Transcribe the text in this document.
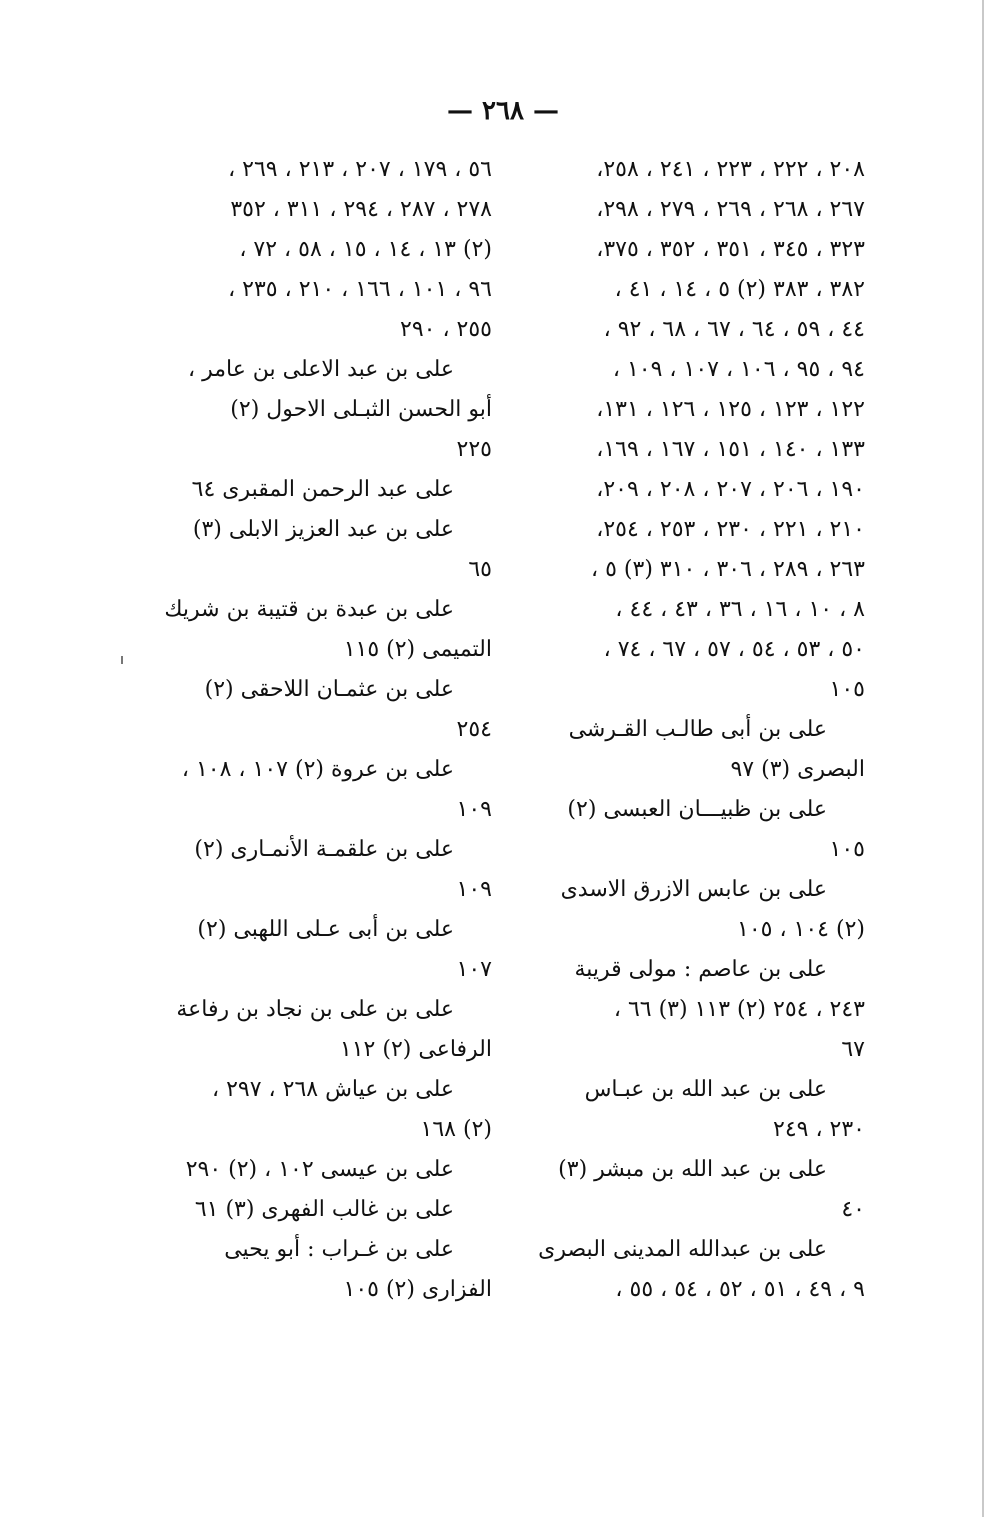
— ٢٦٨ —
٢٠٨ ، ٢٢٢ ، ٢٢٣ ، ٢٤١ ، ٢٥٨،
٢٦٧ ، ٢٦٨ ، ٢٦٩ ، ٢٧٩ ، ٢٩٨،
٣٢٣ ، ٣٤٥ ، ٣٥١ ، ٣٥٢ ، ٣٧٥،
٣٨٢ ، ٣٨٣ (٢) ٥ ، ١٤ ، ٤١ ،
٤٤ ، ٥٩ ، ٦٤ ، ٦٧ ، ٦٨ ، ٩٢ ،
٩٤ ، ٩٥ ، ١٠٦ ، ١٠٧ ، ١٠٩ ،
١٢٢ ، ١٢٣ ، ١٢٥ ، ١٢٦ ، ١٣١،
١٣٣ ، ١٤٠ ، ١٥١ ، ١٦٧ ، ١٦٩،
١٩٠ ، ٢٠٦ ، ٢٠٧ ، ٢٠٨ ، ٢٠٩،
٢١٠ ، ٢٢١ ، ٢٣٠ ، ٢٥٣ ، ٢٥٤،
٢٦٣ ، ٢٨٩ ، ٣٠٦ ، ٣١٠ (٣) ٥ ،
٨ ، ١٠ ، ١٦ ، ٣٦ ، ٤٣ ، ٤٤ ،
٥٠ ، ٥٣ ، ٥٤ ، ٥٧ ، ٦٧ ، ٧٤ ،
١٠٥
على بن أبى طالـب القـرشى
البصرى (٣) ٩٧
على بن ظبيـــان العبسى (٢)
١٠٥
على بن عابس الازرق الاسدى
(٢) ١٠٤ ، ١٠٥
على بن عاصم : مولى قريبة
٢٤٣ ، ٢٥٤ (٢) ١١٣ (٣) ٦٦ ،
٦٧
على بن عبد الله بن عبـاس
٢٣٠ ، ٢٤٩
على بن عبد الله بن مبشر (٣)
٤٠
على بن عبدالله المدينى البصرى
٩ ، ٤٩ ، ٥١ ، ٥٢ ، ٥٤ ، ٥٥ ،
٥٦ ، ١٧٩ ، ٢٠٧ ، ٢١٣ ، ٢٦٩ ،
٢٧٨ ، ٢٨٧ ، ٢٩٤ ، ٣١١ ، ٣٥٢
(٢) ١٣ ، ١٤ ، ١٥ ، ٥٨ ، ٧٢ ،
٩٦ ، ١٠١ ، ١٦٦ ، ٢١٠ ، ٢٣٥ ،
٢٥٥ ، ٢٩٠
على بن عبد الاعلى بن عامر ،
أبو الحسن الثبـلى الاحول (٢)
٢٢٥
على عبد الرحمن المقبرى ٦٤
على بن عبد العزيز الابلى (٣)
٦٥
على بن عبدة بن قتيبة بن شريك
التميمى (٢) ١١٥
على بن عثمـان اللاحقى (٢)
٢٥٤
على بن عروة (٢) ١٠٧ ، ١٠٨ ،
١٠٩
على بن علقمـة الأنمـارى (٢)
١٠٩
على بن أبى عـلى اللهبى (٢)
١٠٧
على بن على بن نجاد بن رفاعة
الرفاعى (٢) ١١٢
على بن عياش ٢٦٨ ، ٢٩٧ ،
(٢) ١٦٨
على بن عيسى ١٠٢ ، (٢) ٢٩٠
على بن غالب الفهرى (٣) ٦١
على بن غـراب : أبو يحيى
الفزارى (٢) ١٠٥
